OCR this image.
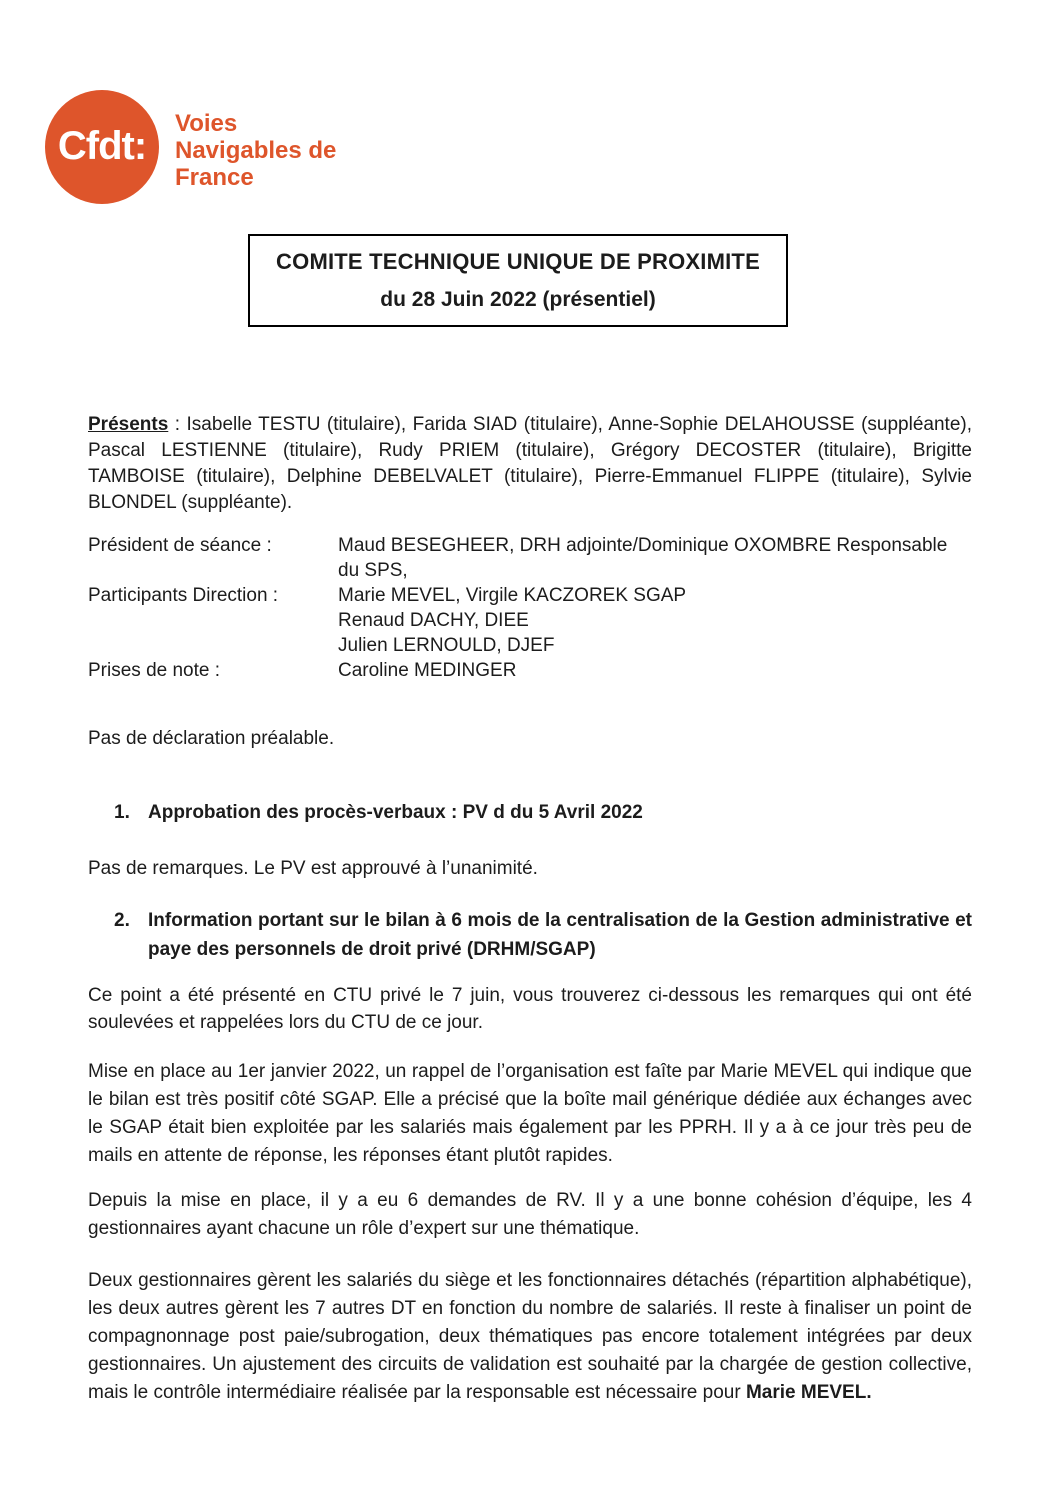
Cfdt: Voies
Navigables de
France
COMITE TECHNIQUE UNIQUE DE PROXIMITE
du 28 Juin 2022 (présentiel)

Présents : Isabelle TESTU (titulaire), Farida SIAD (titulaire), Anne-Sophie DELAHOUSSE (suppléante), Pascal LESTIENNE (titulaire), Rudy PRIEM (titulaire), Grégory DECOSTER (titulaire), Brigitte TAMBOISE (titulaire), Delphine DEBELVALET (titulaire), Pierre-Emmanuel FLIPPE (titulaire), Sylvie BLONDEL (suppléante).

Président de séance :	Maud BESEGHEER, DRH adjointe/Dominique OXOMBRE Responsable du SPS,
Participants Direction :	Marie MEVEL, Virgile KACZOREK SGAP
Renaud DACHY, DIEE
Julien LERNOULD, DJEF
Prises de note :	Caroline MEDINGER

Pas de déclaration préalable.

1. Approbation des procès-verbaux : PV d du 5 Avril 2022

Pas de remarques. Le PV est approuvé à l’unanimité.

2. Information portant sur le bilan à 6 mois de la centralisation de la Gestion administrative et paye des personnels de droit privé (DRHM/SGAP)

Ce point a été présenté en CTU privé le 7 juin, vous trouverez ci-dessous les remarques qui ont été soulevées et rappelées lors du CTU de ce jour.

Mise en place au 1er janvier 2022, un rappel de l’organisation est faîte par Marie MEVEL qui indique que le bilan est très positif côté SGAP. Elle a précisé que la boîte mail générique dédiée aux échanges avec le SGAP était bien exploitée par les salariés mais également par les PPRH. Il y a à ce jour très peu de mails en attente de réponse, les réponses étant plutôt rapides.

Depuis la mise en place, il y a eu 6 demandes de RV. Il y a une bonne cohésion d’équipe, les 4 gestionnaires ayant chacune un rôle d’expert sur une thématique.

Deux gestionnaires gèrent les salariés du siège et les fonctionnaires détachés (répartition alphabétique), les deux autres gèrent les 7 autres DT en fonction du nombre de salariés. Il reste à finaliser un point de compagnonnage post paie/subrogation, deux thématiques pas encore totalement intégrées par deux gestionnaires. Un ajustement des circuits de validation est souhaité par la chargée de gestion collective, mais le contrôle intermédiaire réalisée par la responsable est nécessaire pour Marie MEVEL.
